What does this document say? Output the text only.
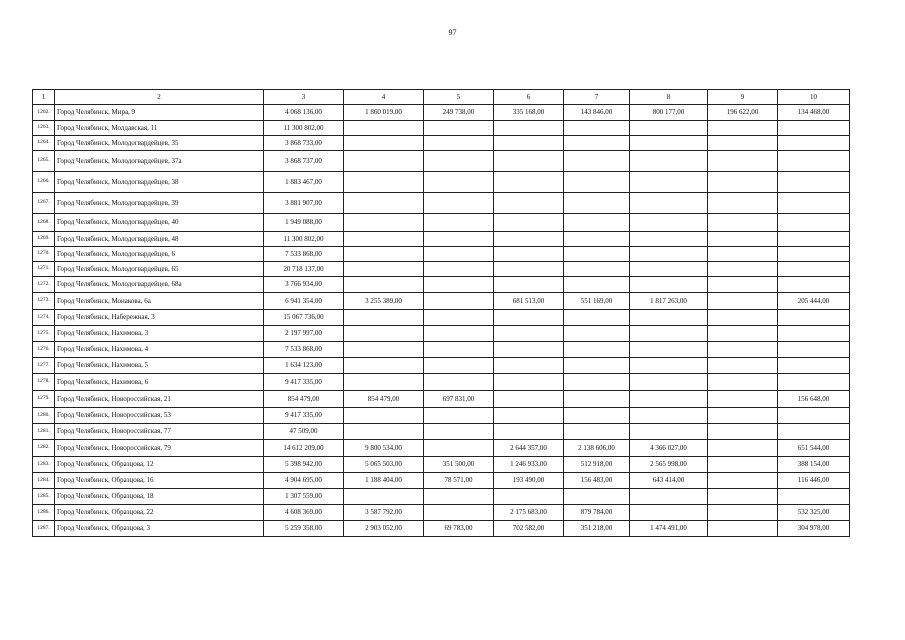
97
1	2	3	4	5	6	7	8	9	10
1262.	Город Челябинск, Мира, 9	4 068 136,00	1 860 019,00	249 738,00	335 168,00	143 846,00	800 177,00	196 622,00	134 468,00
1263.	Город Челябинск, Молдавская, 11	11 300 802,00							
1264.	Город Челябинск, Молодогвардейцев, 35	3 868 733,00							
1265.	Город Челябинск, Молодогвардейцев, 37а	3 868 737,00							
1266.	Город Челябинск, Молодогвардейцев, 38	1 883 467,00							
1267.	Город Челябинск, Молодогвардейцев, 39	3 881 907,00							
1268.	Город Челябинск, Молодогвардейцев, 40	1 949 088,00							
1269.	Город Челябинск, Молодогвардейцев, 48	11 300 802,00							
1270.	Город Челябинск, Молодогвардейцев, 6	7 533 868,00							
1271.	Город Челябинск, Молодогвардейцев, 65	20 718 137,00							
1272.	Город Челябинск, Молодогвардейцев, 68а	3 766 934,00							
1273.	Город Челябинск, Монакова, 6а	6 941 354,00	3 255 389,00		681 513,00	551 169,00	1 817 263,00		205 444,00
1274.	Город Челябинск, Набережная, 3	15 067 736,00							
1275.	Город Челябинск, Нахимова, 3	2 197 997,00							
1276.	Город Челябинск, Нахимова, 4	7 533 868,00							
1277.	Город Челябинск, Нахимова, 5	1 634 123,00							
1278.	Город Челябинск, Нахимова, 6	9 417 335,00							
1279.	Город Челябинск, Новороссийская, 21	854 479,00	854 479,00	697 831,00					156 648,00
1280.	Город Челябинск, Новороссийская, 53	9 417 335,00							
1281.	Город Челябинск, Новороссийская, 77	47 509,00							
1282.	Город Челябинск, Новороссийская, 79	14 612 209,00	9 800 534,00		2 644 357,00	2 138 606,00	4 366 027,00		651 544,00
1283.	Город Челябинск, Образцова, 12	5 398 942,00	5 065 503,00	351 500,00	1 246 933,00	512 918,00	2 565 998,00		388 154,00
1284.	Город Челябинск, Образцова, 16	4 904 695,00	1 188 404,00	78 571,00	193 490,00	156 483,00	643 414,00		116 446,00
1285.	Город Челябинск, Образцова, 18	1 307 559,00							
1286.	Город Челябинск, Образцова, 22	4 608 369,00	3 587 792,00		2 175 683,00	879 784,00			532 325,00
1287.	Город Челябинск, Образцова, 3	5 259 358,00	2 903 052,00	69 783,00	702 582,00	351 218,00	1 474 491,00		304 978,00
